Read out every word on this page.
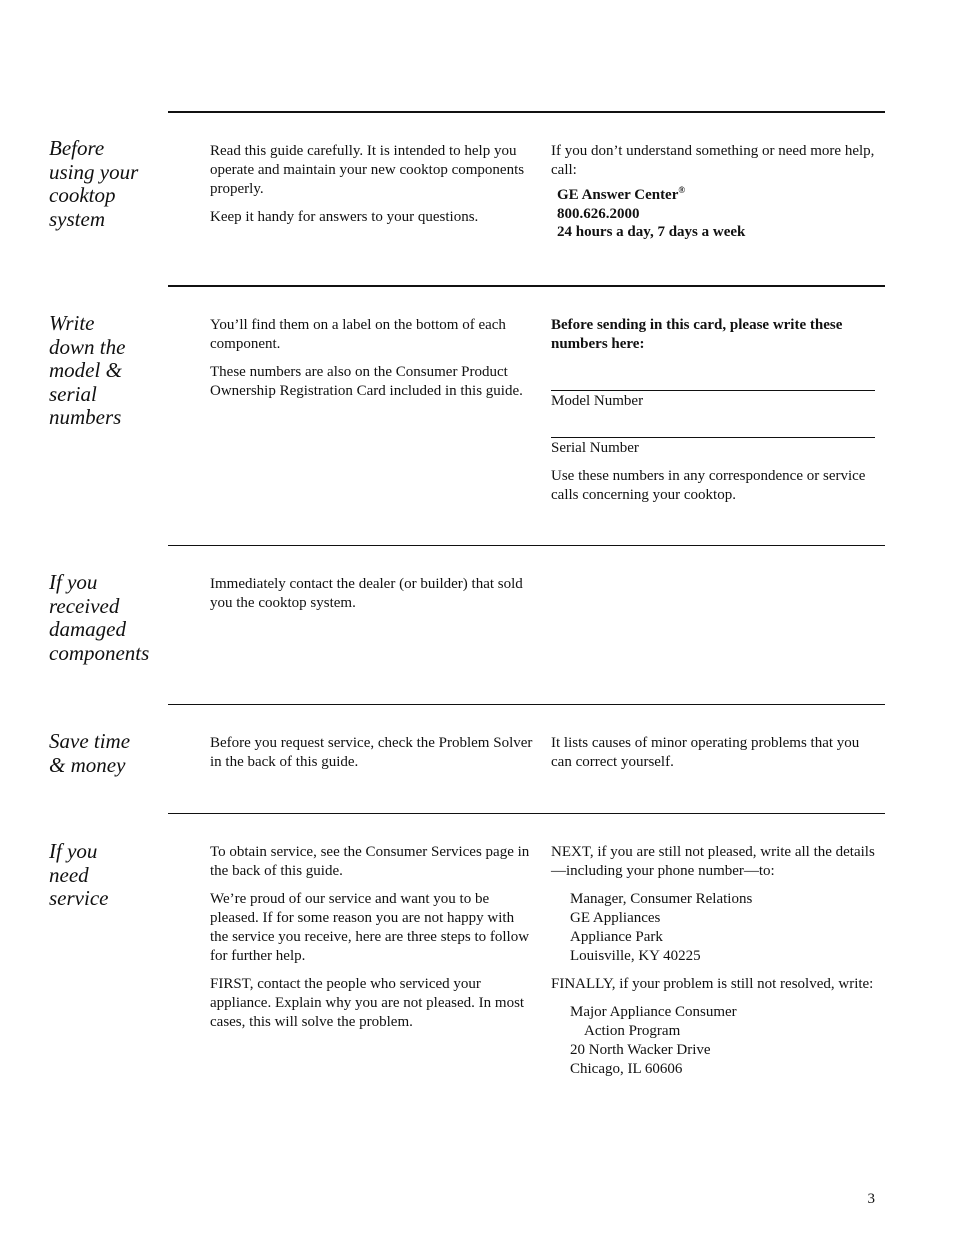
Before
using your
cooktop
system

Read this guide carefully. It is intended to help you operate and maintain your new cooktop components properly.

Keep it handy for answers to your questions.

If you don’t understand something or need more help, call:

GE Answer Center®
800.626.2000
24 hours a day, 7 days a week
Write
down the
model &
serial
numbers

You’ll find them on a label on the bottom of each component.

These numbers are also on the Consumer Product Ownership Registration Card included in this guide.

Before sending in this card, please write these numbers here:

Model Number
Serial Number

Use these numbers in any correspondence or service calls concerning your cooktop.

If you
received
damaged
components

Immediately contact the dealer (or builder) that sold you the cooktop system.

Save time
& money

Before you request service, check the Problem Solver in the back of this guide.

It lists causes of minor operating problems that you can correct yourself.

If you
need
service

To obtain service, see the Consumer Services page in the back of this guide.

We’re proud of our service and want you to be pleased. If for some reason you are not happy with the service you receive, here are three steps to follow for further help.

FIRST, contact the people who serviced your appliance. Explain why you are not pleased. In most cases, this will solve the problem.

NEXT, if you are still not pleased, write all the details—including your phone number—to:

Manager, Consumer Relations
GE Appliances
Appliance Park
Louisville, KY 40225

FINALLY, if your problem is still not resolved, write:

Major Appliance Consumer
Action Program
20 North Wacker Drive
Chicago, IL 60606
3
